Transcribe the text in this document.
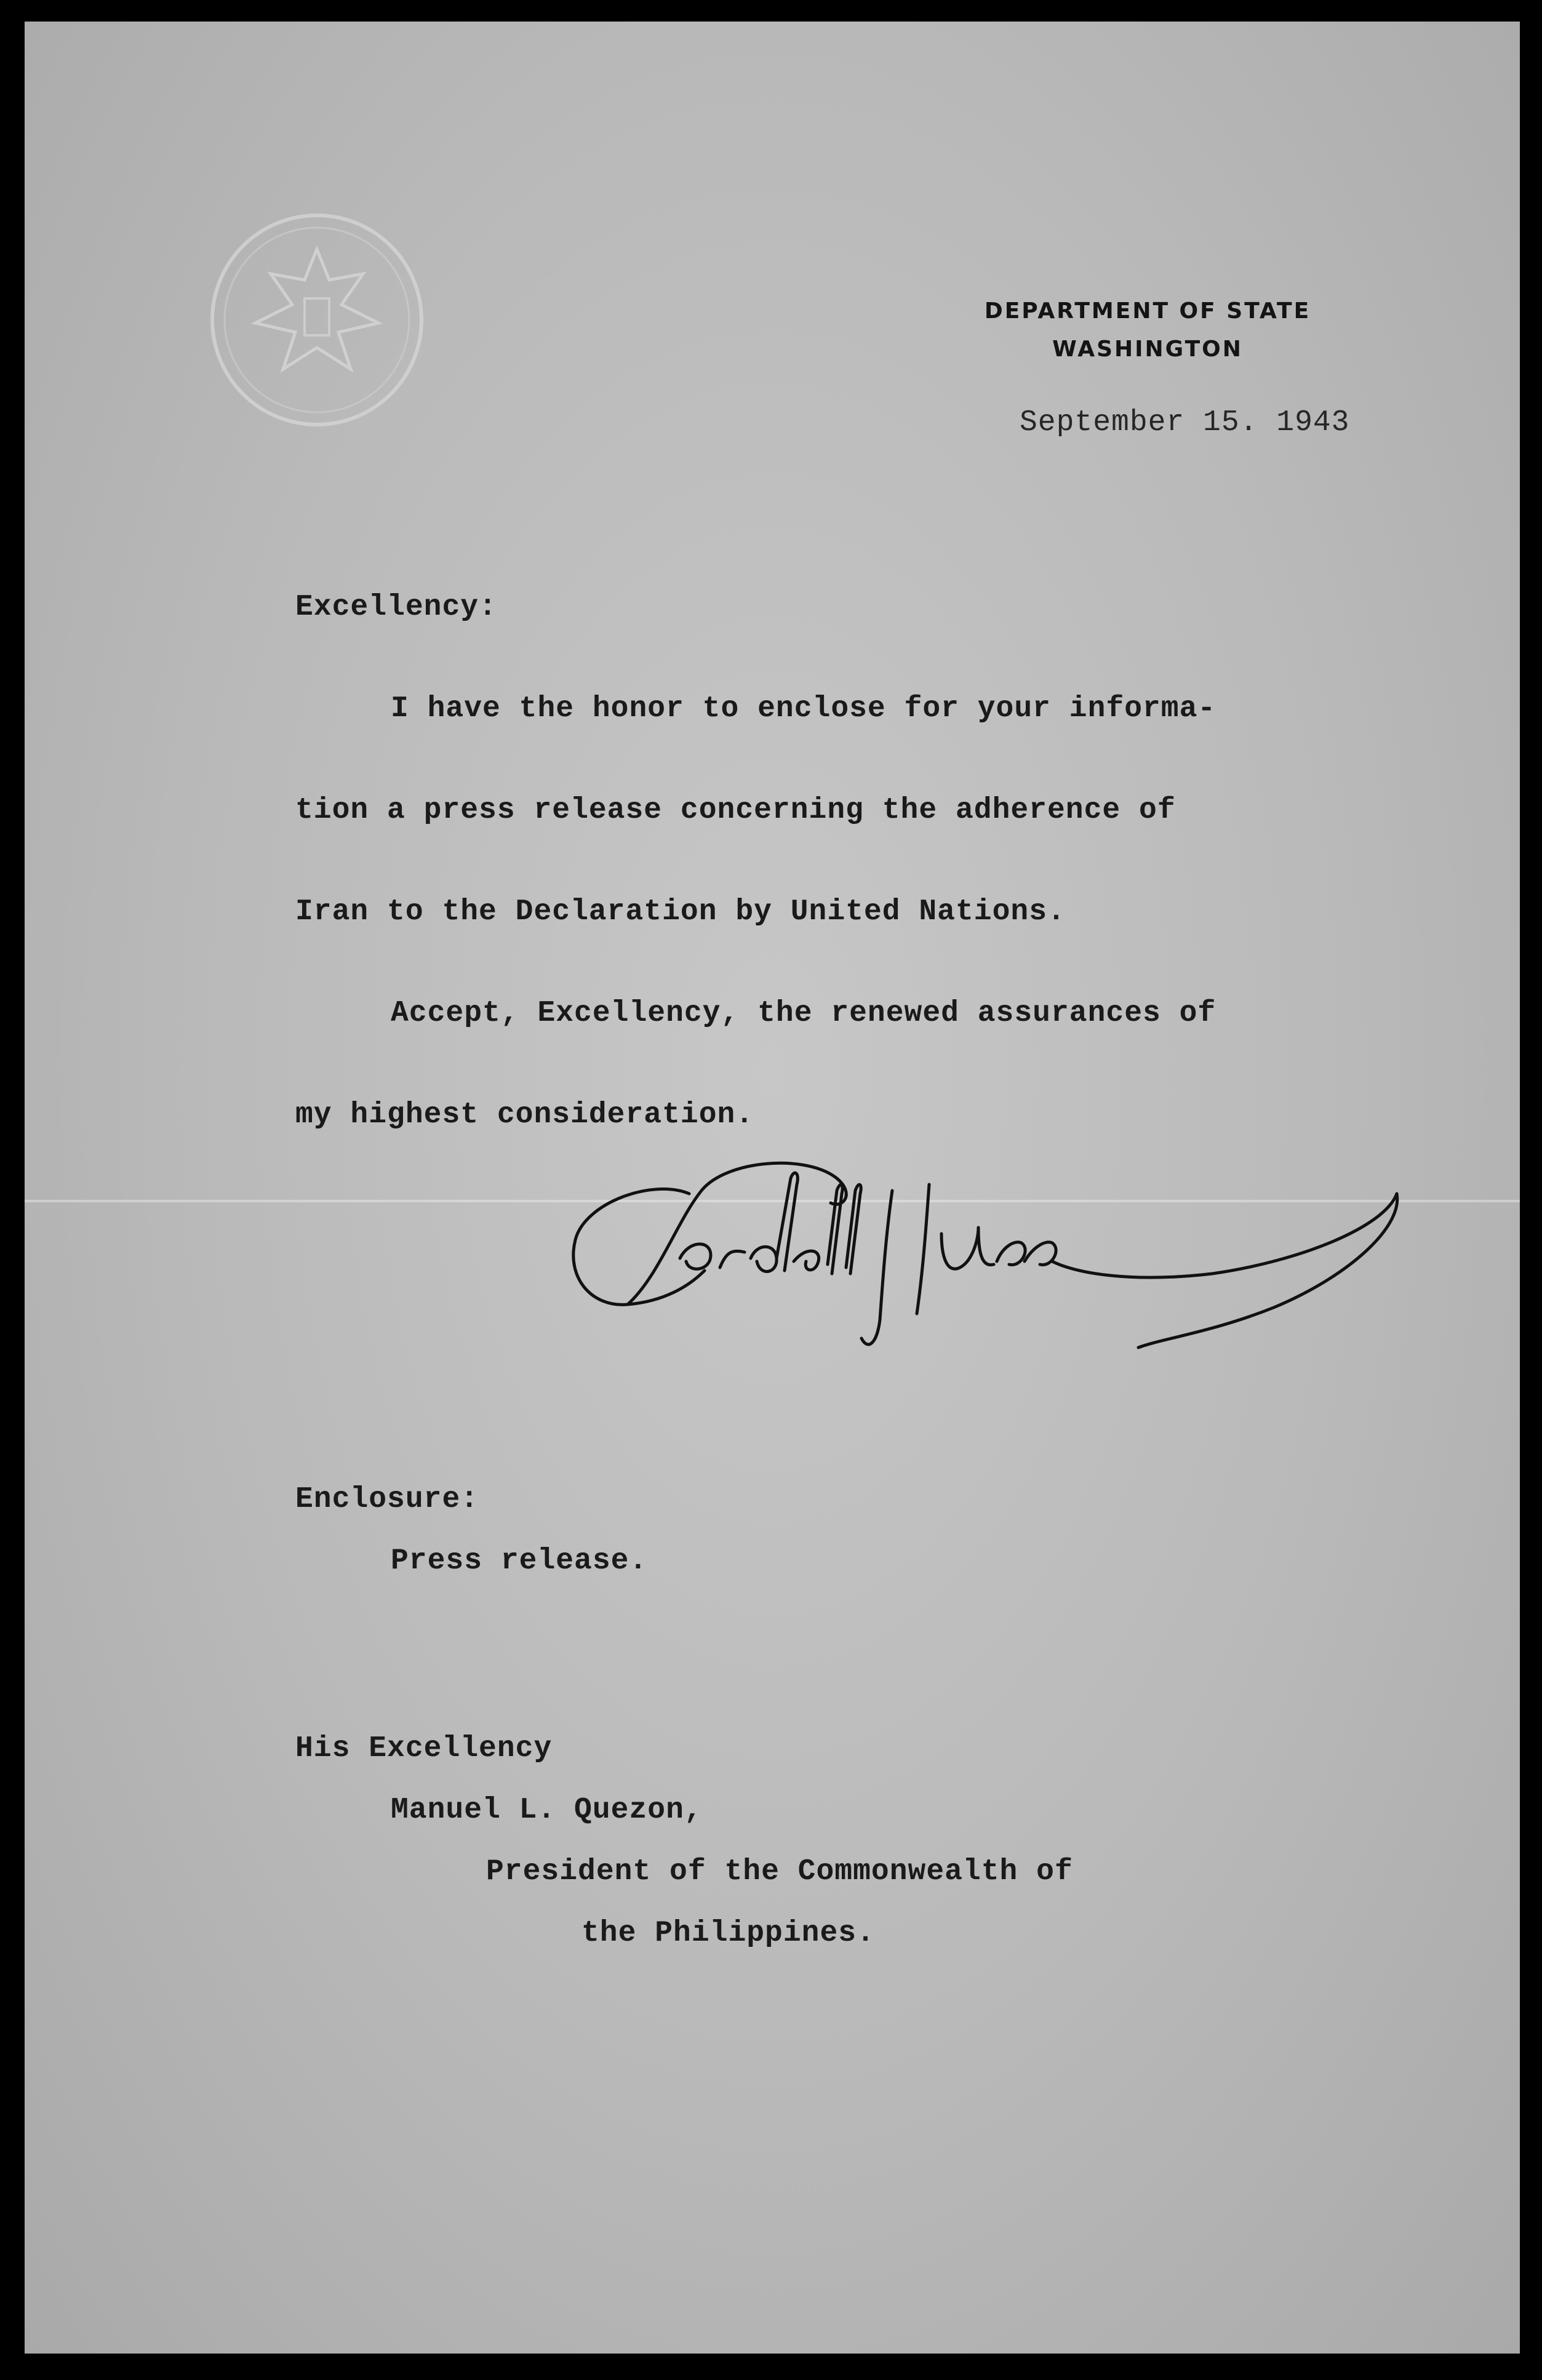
DEPARTMENT OF STATE
WASHINGTON
September 15. 1943
Excellency:
I have the honor to enclose for your informa-
tion a press release concerning the adherence of
Iran to the Declaration by United Nations.
Accept, Excellency, the renewed assurances of
my highest consideration.
Enclosure:
Press release.
His Excellency
Manuel L. Quezon,
President of the Commonwealth of
the Philippines.
